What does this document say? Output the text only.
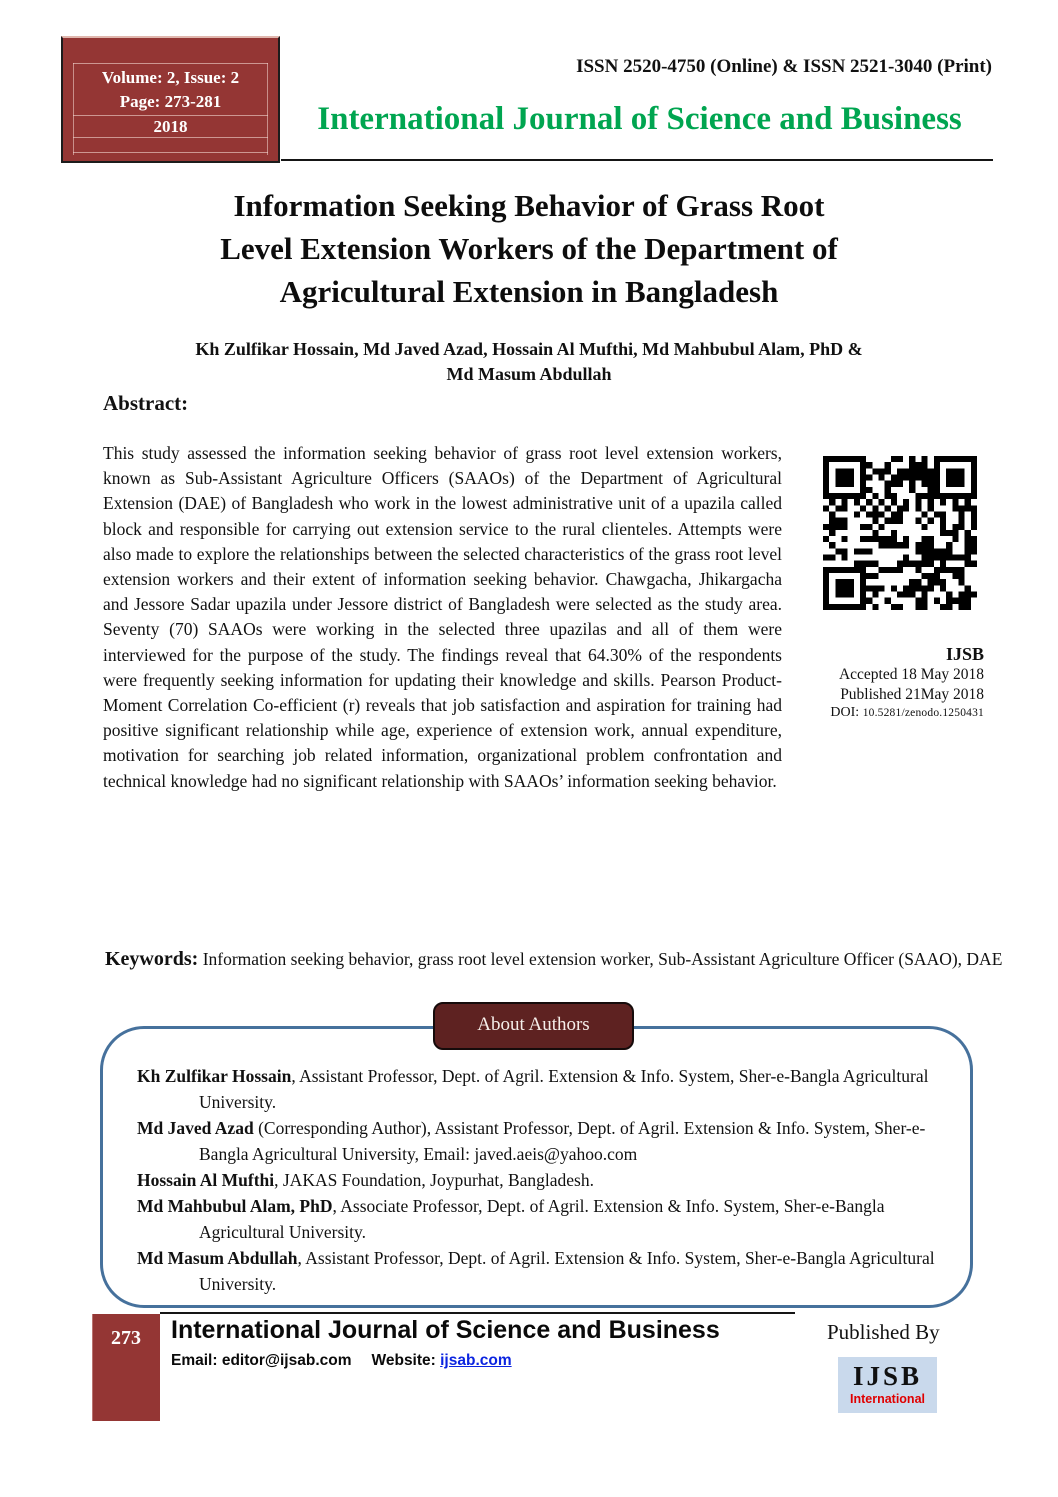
Volume: 2, Issue: 2
Page: 273-281
2018
ISSN 2520-4750 (Online) & ISSN 2521-3040 (Print)
International Journal of Science and Business
Information Seeking Behavior of Grass Root
Level Extension Workers of the Department of
Agricultural Extension in Bangladesh
Kh Zulfikar Hossain, Md Javed Azad, Hossain Al Mufthi, Md Mahbubul Alam, PhD &
Md Masum Abdullah
Abstract:
This study assessed the information seeking behavior of grass root level extension workers, known as Sub-Assistant Agriculture Officers (SAAOs) of the Department of Agricultural Extension (DAE) of Bangladesh who work in the lowest administrative unit of a upazila called block and responsible for carrying out extension service to the rural clienteles. Attempts were also made to explore the relationships between the selected characteristics of the grass root level extension workers and their extent of information seeking behavior. Chawgacha, Jhikargacha and Jessore Sadar upazila under Jessore district of Bangladesh were selected as the study area. Seventy (70) SAAOs were working in the selected three upazilas and all of them were interviewed for the purpose of the study. The findings reveal that 64.30% of the respondents were frequently seeking information for updating their knowledge and skills. Pearson Product-Moment Correlation Co-efficient (r) reveals that job satisfaction and aspiration for training had positive significant relationship while age, experience of extension work, annual expenditure, motivation for searching job related information, organizational problem confrontation and technical knowledge had no significant relationship with SAAOs’ information seeking behavior.
IJSB
Accepted 18 May 2018
Published 21May 2018
DOI: 10.5281/zenodo.1250431
Keywords: Information seeking behavior, grass root level extension worker, Sub-Assistant Agriculture Officer (SAAO), DAE
About Authors
Kh Zulfikar Hossain, Assistant Professor, Dept. of Agril. Extension & Info. System, Sher-e-Bangla Agricultural University.
Md Javed Azad (Corresponding Author), Assistant Professor, Dept. of Agril. Extension & Info. System, Sher-e-Bangla Agricultural University, Email: javed.aeis@yahoo.com
Hossain Al Mufthi, JAKAS Foundation, Joypurhat, Bangladesh.
Md Mahbubul Alam, PhD, Associate Professor, Dept. of Agril. Extension & Info. System, Sher-e-Bangla Agricultural University.
Md Masum Abdullah, Assistant Professor, Dept. of Agril. Extension & Info. System, Sher-e-Bangla Agricultural University.
273	International Journal of Science and Business
Email: editor@ijsab.com Website: ijsab.com
Published By
IJSB
International
